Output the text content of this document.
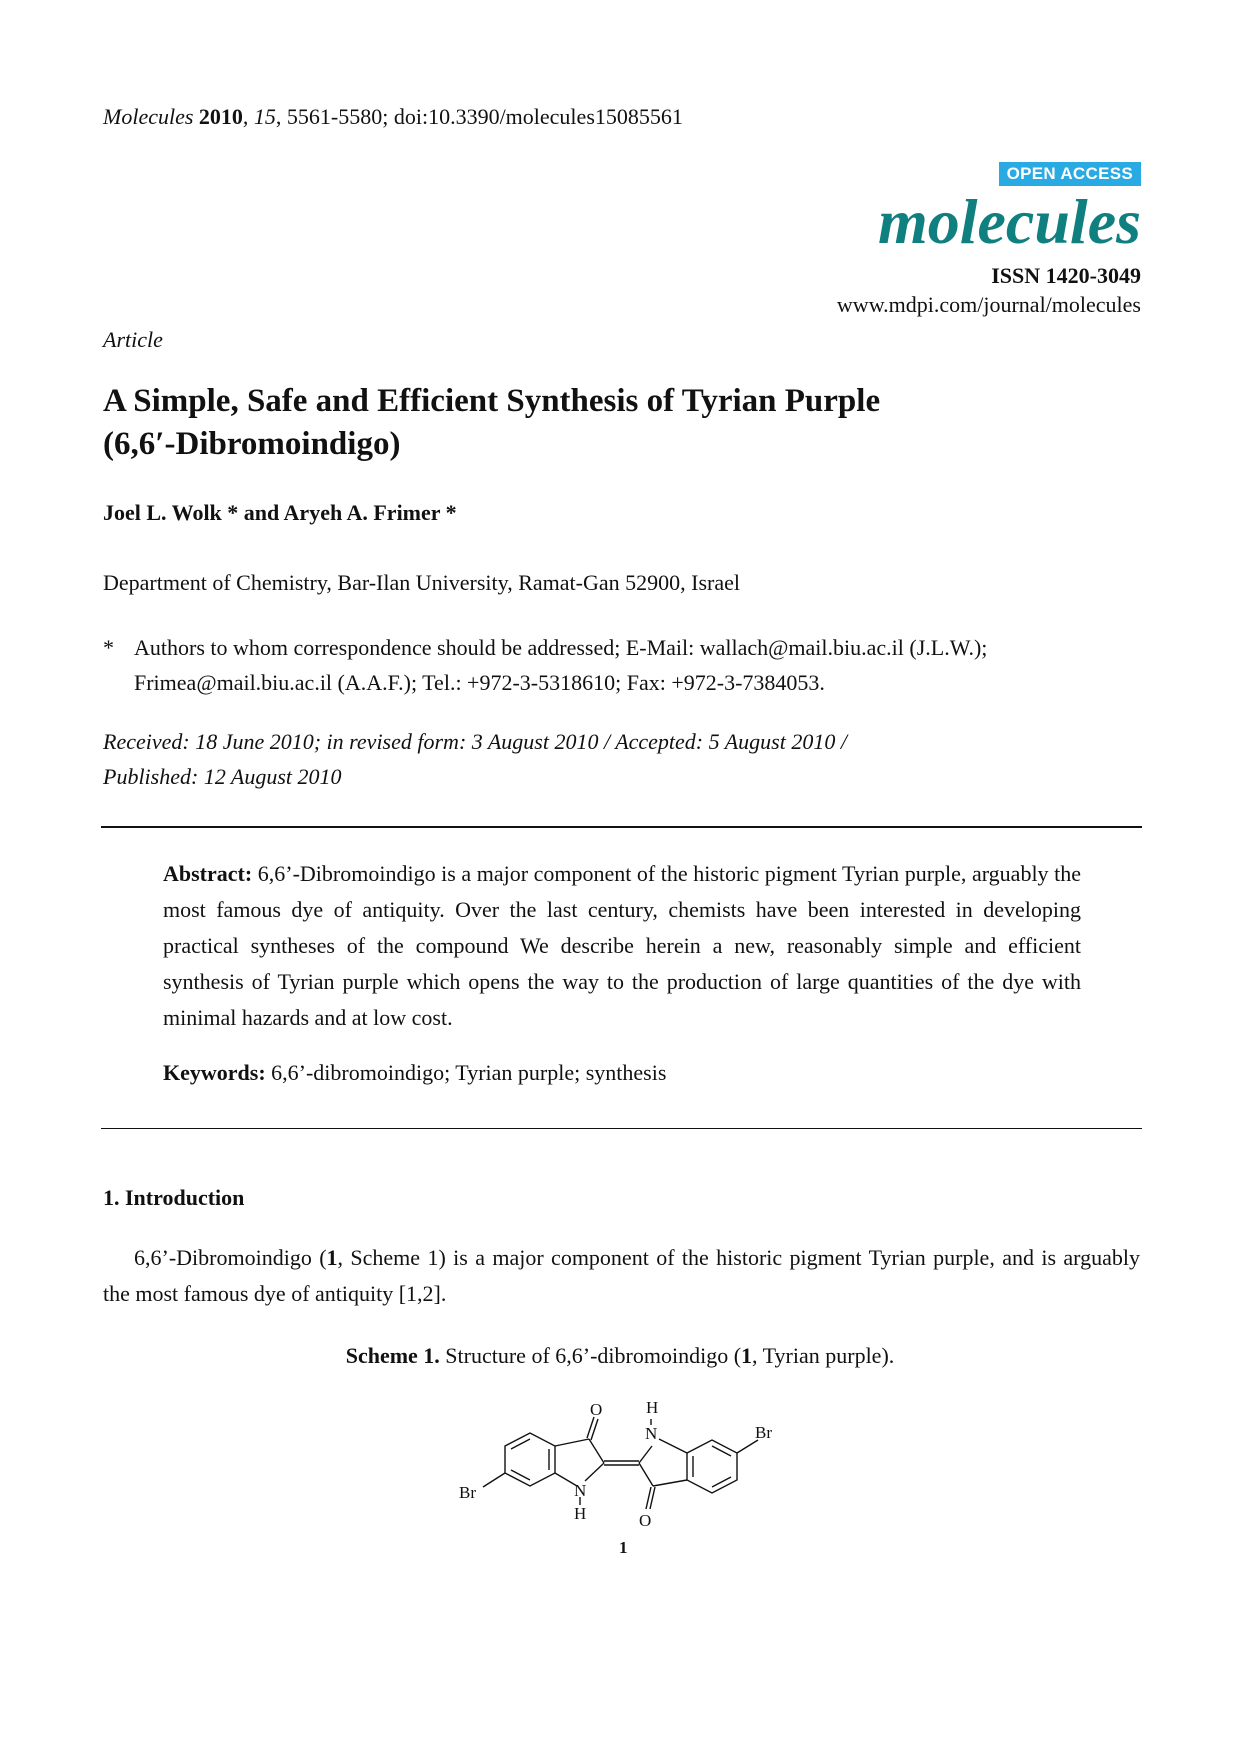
Molecules 2010, 15, 5561-5580; doi:10.3390/molecules15085561
OPEN ACCESS
molecules
ISSN 1420-3049
www.mdpi.com/journal/molecules
Article
A Simple, Safe and Efficient Synthesis of Tyrian Purple
(6,6′-Dibromoindigo)
Joel L. Wolk * and Aryeh A. Frimer *
Department of Chemistry, Bar-Ilan University, Ramat-Gan 52900, Israel
* Authors to whom correspondence should be addressed; E-Mail: wallach@mail.biu.ac.il (J.L.W.);
Frimea@mail.biu.ac.il (A.A.F.); Tel.: +972-3-5318610; Fax: +972-3-7384053.
Received: 18 June 2010; in revised form: 3 August 2010 / Accepted: 5 August 2010 /
Published: 12 August 2010
Abstract: 6,6’-Dibromoindigo is a major component of the historic pigment Tyrian purple, arguably the most famous dye of antiquity. Over the last century, chemists have been interested in developing practical syntheses of the compound We describe herein a new, reasonably simple and efficient synthesis of Tyrian purple which opens the way to the production of large quantities of the dye with minimal hazards and at low cost.
Keywords: 6,6’-dibromoindigo; Tyrian purple; synthesis
1. Introduction
6,6’-Dibromoindigo (1, Scheme 1) is a major component of the historic pigment Tyrian purple, and is arguably the most famous dye of antiquity [1,2].
Scheme 1. Structure of 6,6’-dibromoindigo (1, Tyrian purple).
O	H
N	Br
Br	N
H	O
1
